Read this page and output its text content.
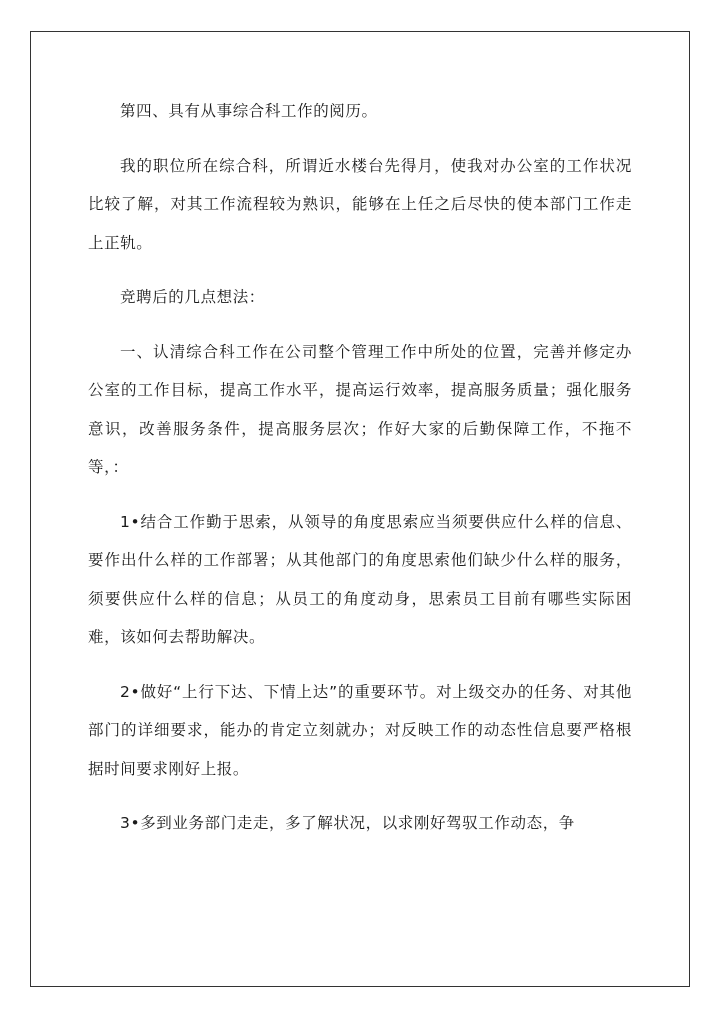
第四、具有从事综合科工作的阅历。

我的职位所在综合科，所谓近水楼台先得月，使我对办公室的工作状况比较了解，对其工作流程较为熟识，能够在上任之后尽快的使本部门工作走上正轨。

竞聘后的几点想法：

一、认清综合科工作在公司整个管理工作中所处的位置，完善并修定办公室的工作目标，提高工作水平，提高运行效率，提高服务质量；强化服务意识，改善服务条件，提高服务层次；作好大家的后勤保障工作，不拖不等，：

1•结合工作勤于思索，从领导的角度思索应当须要供应什么样的信息、要作出什么样的工作部署；从其他部门的角度思索他们缺少什么样的服务，须要供应什么样的信息；从员工的角度动身，思索员工目前有哪些实际困难，该如何去帮助解决。

2•做好“上行下达、下情上达”的重要环节。对上级交办的任务、对其他部门的详细要求，能办的肯定立刻就办；对反映工作的动态性信息要严格根据时间要求刚好上报。

3•多到业务部门走走，多了解状况，以求刚好驾驭工作动态，争
